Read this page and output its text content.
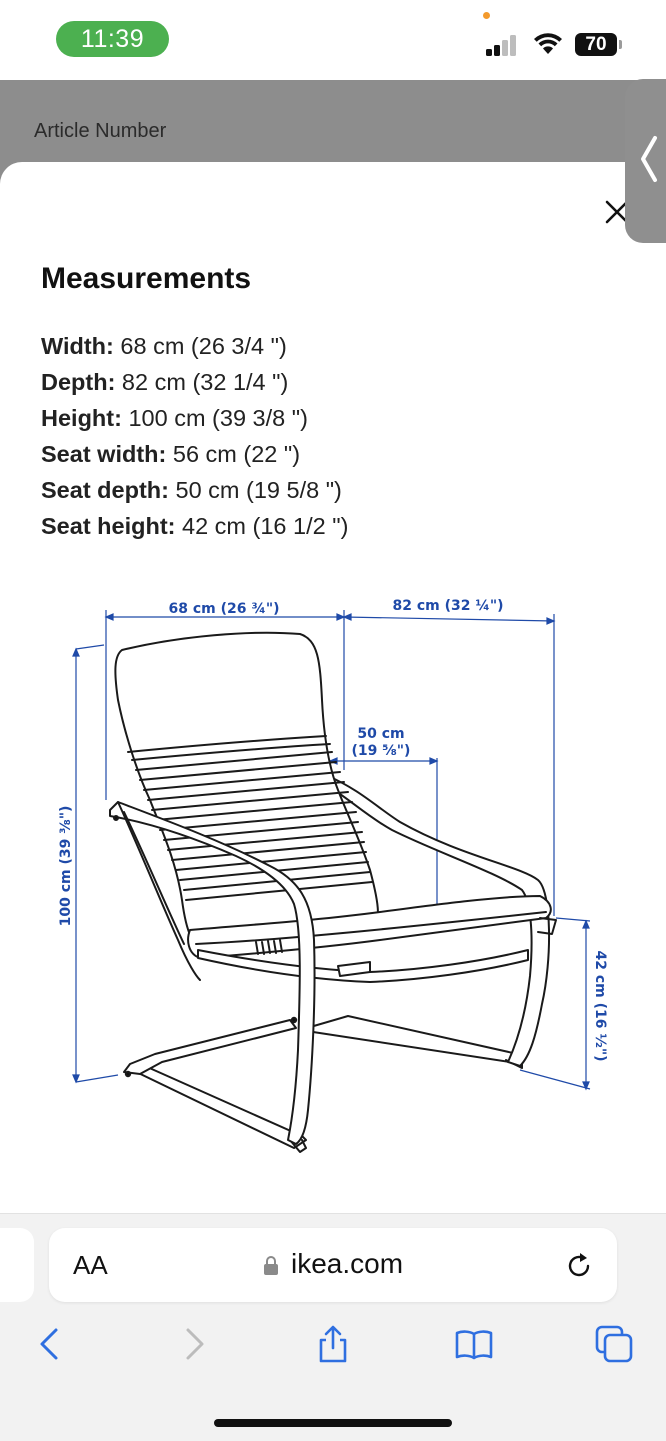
11:39	70
Article Number
Measurements
Width: 68 cm (26 3/4 ")
Depth: 82 cm (32 1/4 ")
Height: 100 cm (39 3/8 ")
Seat width: 56 cm (22 ")
Seat depth: 50 cm (19 5/8 ")
Seat height: 42 cm (16 1/2 ")
68 cm (26 ¾")	82 cm (32 ¼")
50 cm
(19 ⅝")
100 cm (39 ⅜")
42 cm (16 ½")
AA	ikea.com
